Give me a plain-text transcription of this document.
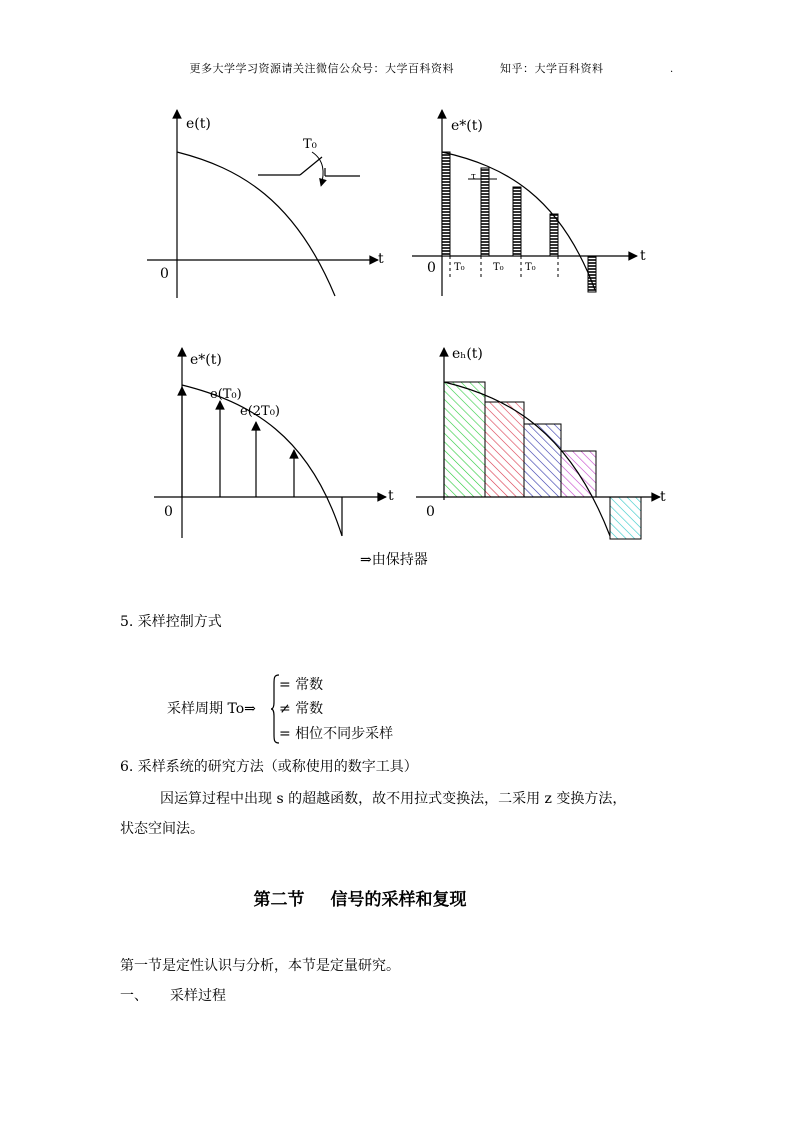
更多大学学习资源请关注微信公众号：大学百科资料	知乎：大学百科资料	.
e(t)
t
0
T₀
τ
e*(t)
t
0 T₀	T₀ T₀
e*(t)
t
0
e(T₀)
e(2T₀)
eₕ(t)
t
0
⇒由保持器
5. 采样控制方式
采样周期 To⇒
= 常数
≠ 常数
= 相位不同步采样
6. 采样系统的研究方法（或称使用的数字工具）
因运算过程中出现 s 的超越函数，故不用拉式变换法，二采用 z 变换方法，
状态空间法。
第二节 信号的采样和复现
第一节是定性认识与分析，本节是定量研究。
一、 采样过程
